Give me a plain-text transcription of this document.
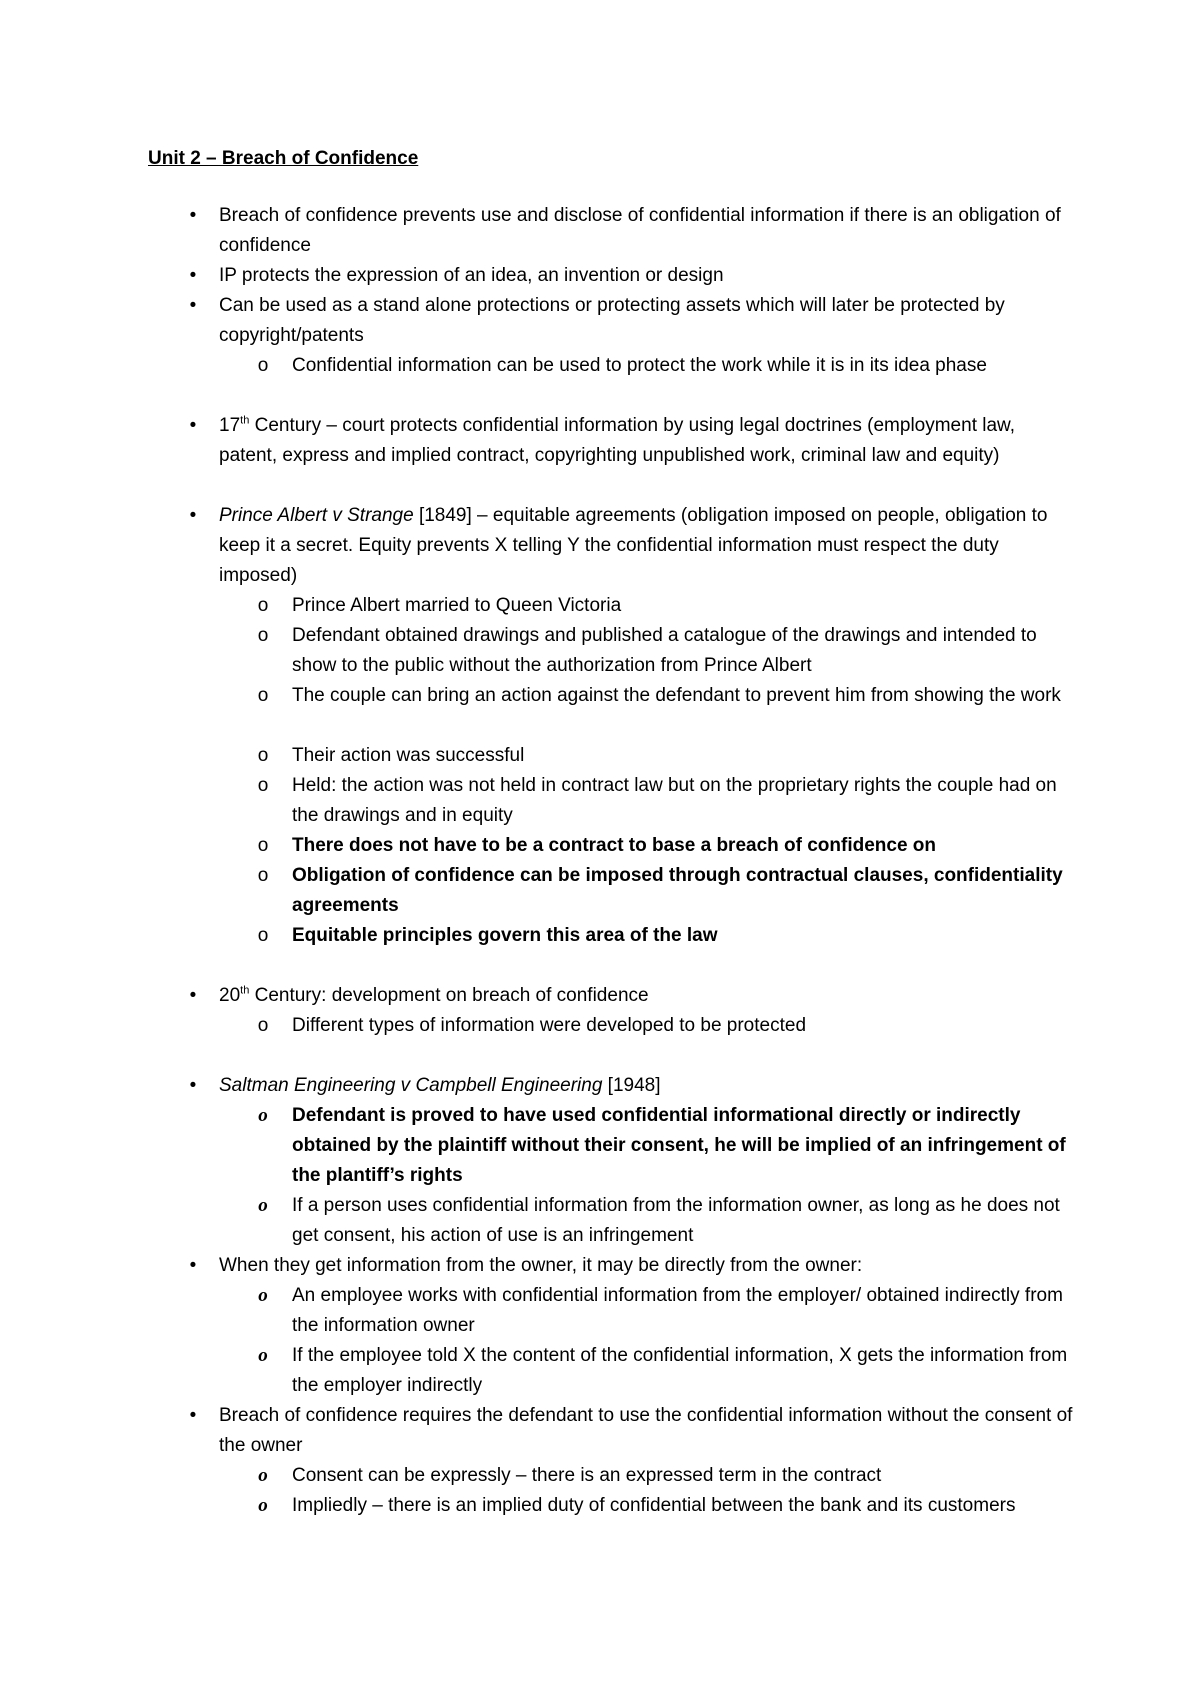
Unit 2 – Breach of Confidence
• Breach of confidence prevents use and disclose of confidential information if there is an obligation of confidence
• IP protects the expression of an idea, an invention or design
• Can be used as a stand alone protections or protecting assets which will later be protected by copyright/patents
o Confidential information can be used to protect the work while it is in its idea phase
• 17th Century – court protects confidential information by using legal doctrines (employment law, patent, express and implied contract, copyrighting unpublished work, criminal law and equity)
• Prince Albert v Strange [1849] – equitable agreements (obligation imposed on people, obligation to keep it a secret. Equity prevents X telling Y the confidential information must respect the duty imposed)
o Prince Albert married to Queen Victoria
o Defendant obtained drawings and published a catalogue of the drawings and intended to show to the public without the authorization from Prince Albert
o The couple can bring an action against the defendant to prevent him from showing the work
o Their action was successful
o Held: the action was not held in contract law but on the proprietary rights the couple had on the drawings and in equity
o There does not have to be a contract to base a breach of confidence on
o Obligation of confidence can be imposed through contractual clauses, confidentiality agreements
o Equitable principles govern this area of the law
• 20th Century: development on breach of confidence
o Different types of information were developed to be protected
• Saltman Engineering v Campbell Engineering [1948]
o Defendant is proved to have used confidential informational directly or indirectly obtained by the plaintiff without their consent, he will be implied of an infringement of the plantiff’s rights
o If a person uses confidential information from the information owner, as long as he does not get consent, his action of use is an infringement
• When they get information from the owner, it may be directly from the owner:
o An employee works with confidential information from the employer/ obtained indirectly from the information owner
o If the employee told X the content of the confidential information, X gets the information from the employer indirectly
• Breach of confidence requires the defendant to use the confidential information without the consent of the owner
o Consent can be expressly – there is an expressed term in the contract
o Impliedly – there is an implied duty of confidential between the bank and its customers
